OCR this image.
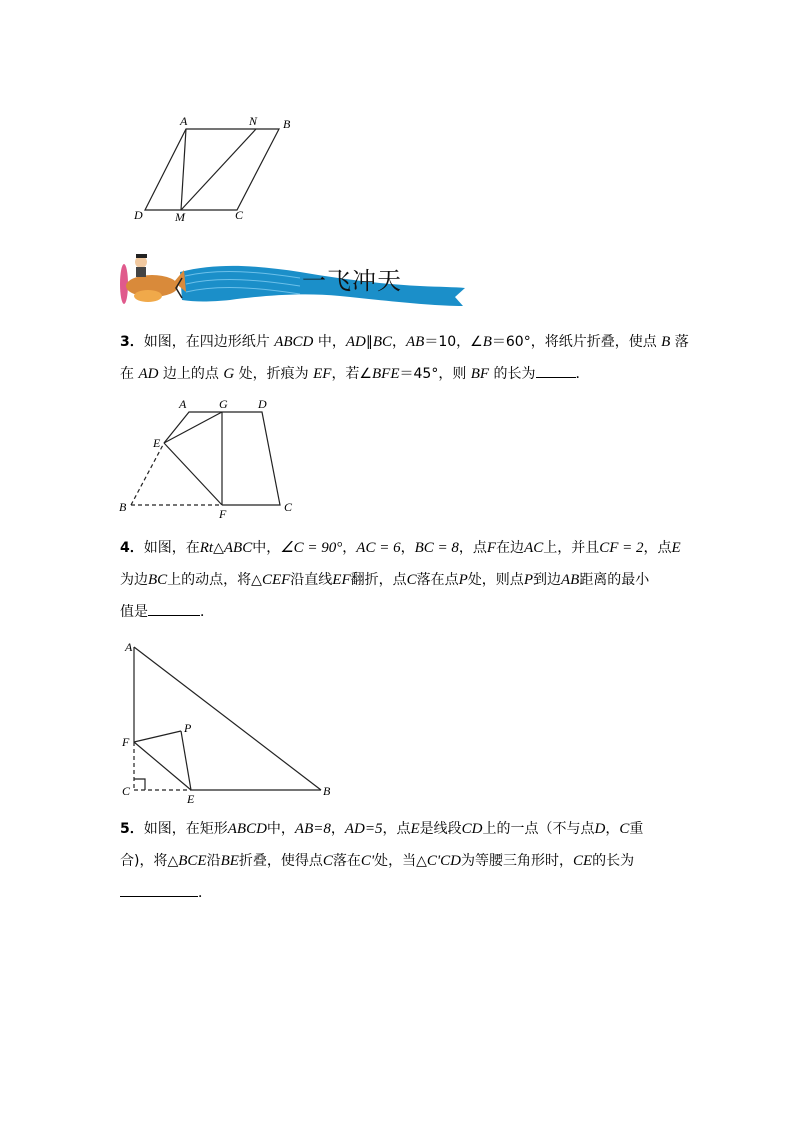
A	N B
D	M	C
一飞冲天

3．如图，在四边形纸片 ABCD 中，AD∥BC，AB＝10，∠B＝60°，将纸片折叠，使点 B 落

在 AD 边上的点 G 处，折痕为 EF，若∠BFE＝45°，则 BF 的长为	．

A	G	D
E
B	F	C

4．如图，在Rt△ABC中，∠C = 90°，AC = 6，BC = 8，点F在边AC上，并且CF = 2，点E

为边BC上的动点，将△CEF沿直线EF翻折，点C落在点P处，则点P到边AB距离的最小

值是	．

A
P
F
C
E
B

5．如图，在矩形ABCD中，AB=8，AD=5，点E是线段CD上的一点（不与点D，C重

合)，将△BCE沿BE折叠，使得点C落在C'处，当△C'CD为等腰三角形时，CE的长为

．
